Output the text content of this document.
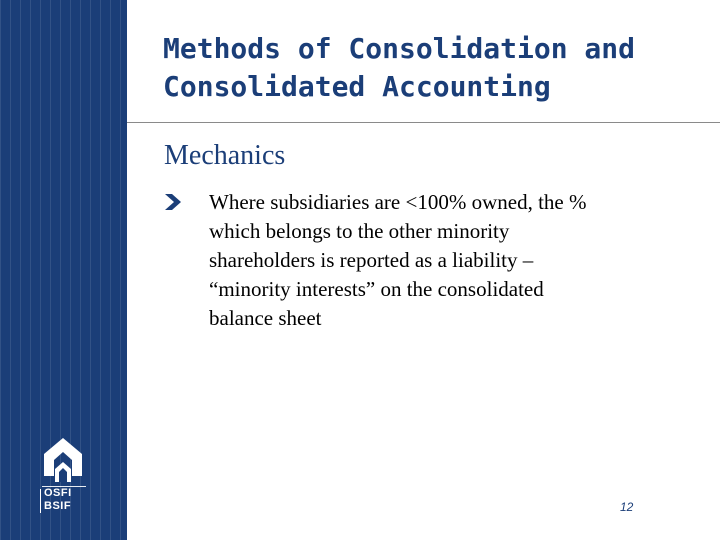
OSFI
BSIF
Methods of Consolidation and
Consolidated Accounting
Mechanics
Where subsidiaries are <100% owned, the %
which belongs to the other minority
shareholders is reported as a liability –
“minority interests” on the consolidated
balance sheet
12
